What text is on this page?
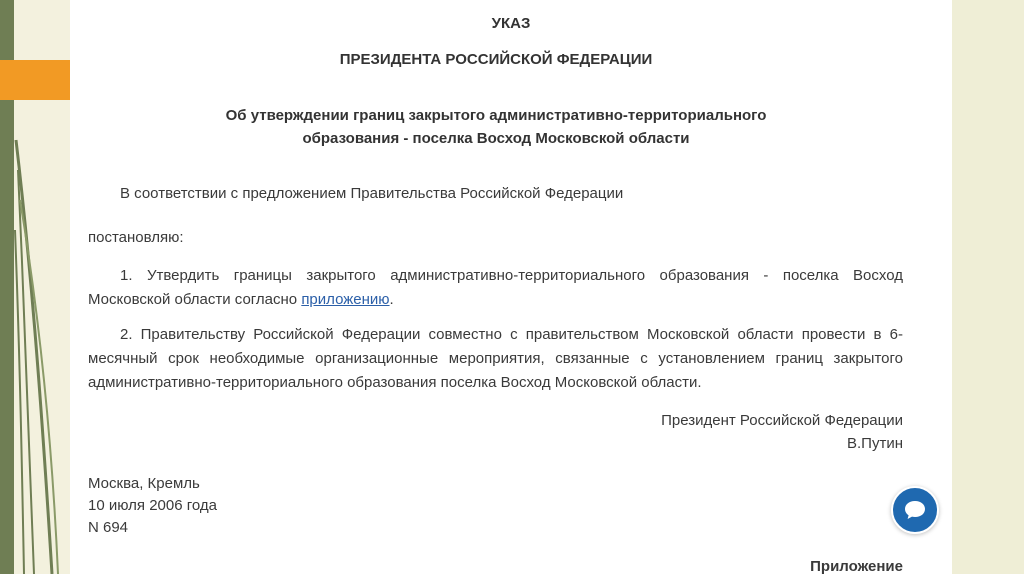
УКАЗ

ПРЕЗИДЕНТА РОССИЙСКОЙ ФЕДЕРАЦИИ

Об утверждении границ закрытого административно-территориального
образования - поселка Восход Московской области

В соответствии с предложением Правительства Российской Федерации

постановляю:

1. Утвердить границы закрытого административно-территориального образования - поселка Восход Московской области согласно приложению.

2. Правительству Российской Федерации совместно с правительством Московской области провести в 6-месячный срок необходимые организационные мероприятия, связанные с установлением границ закрытого административно-территориального образования поселка Восход Московской области.

Президент Российской Федерации

В.Путин

Москва, Кремль

10 июля 2006 года

N 694

Приложение
